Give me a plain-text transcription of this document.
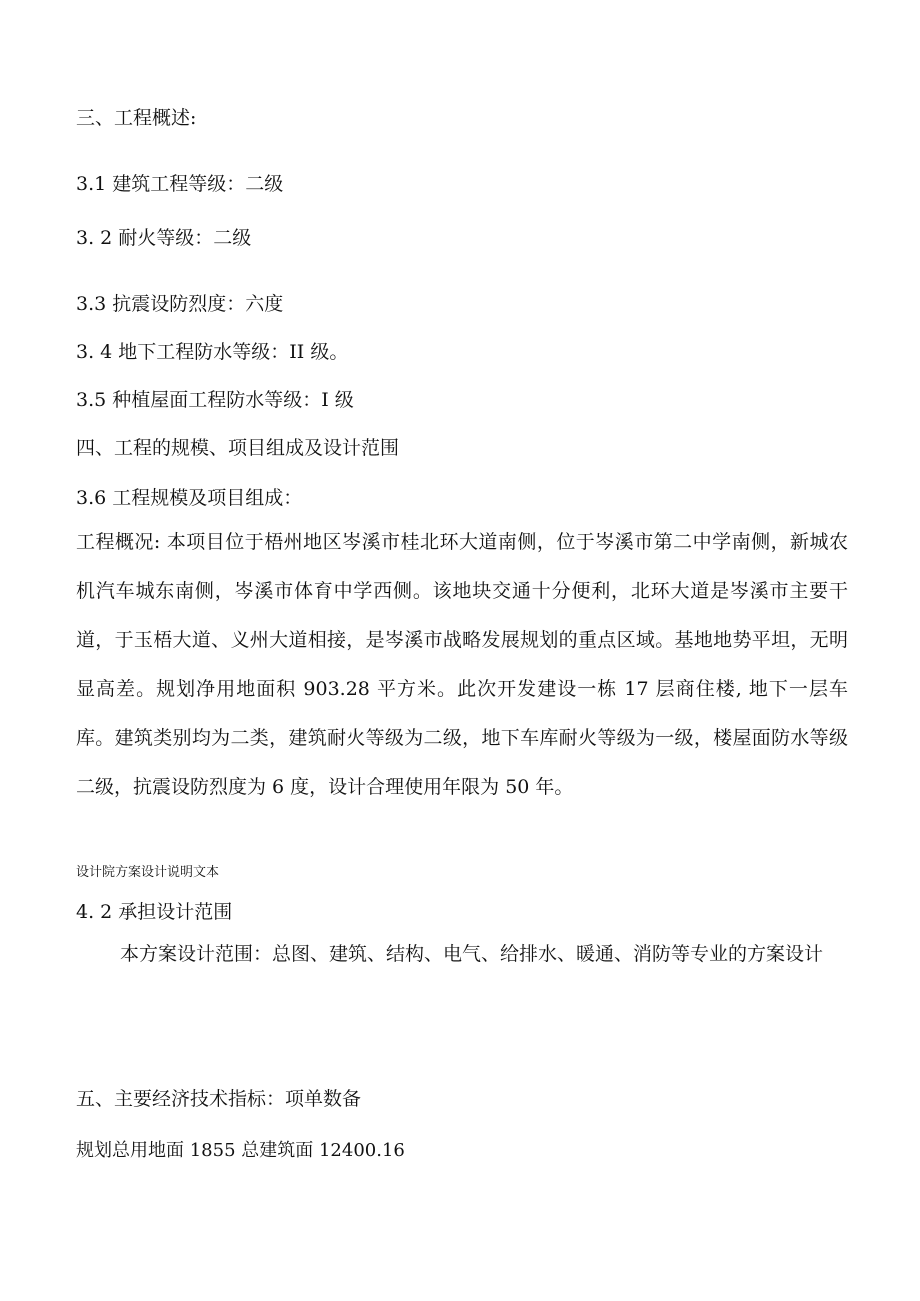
三、工程概述:
3.1 建筑工程等级：二级
3. 2 耐火等级：二级
3.3 抗震设防烈度：六度
3. 4 地下工程防水等级：II 级。
3.5 种植屋面工程防水等级：I 级
四、工程的规模、项目组成及设计范围
3.6 工程规模及项目组成：
工程概况: 本项目位于梧州地区岑溪市桂北环大道南侧，位于岑溪市第二中学南侧，新城农机汽车城东南侧，岑溪市体育中学西侧。该地块交通十分便利，北环大道是岑溪市主要干道，于玉梧大道、义州大道相接，是岑溪市战略发展规划的重点区域。基地地势平坦，无明显高差。规划净用地面积 903.28 平方米。此次开发建设一栋 17 层商住楼, 地下一层车库。建筑类别均为二类，建筑耐火等级为二级，地下车库耐火等级为一级，楼屋面防水等级二级，抗震设防烈度为 6 度，设计合理使用年限为 50 年。
设计院方案设计说明文本
4. 2 承担设计范围
本方案设计范围：总图、建筑、结构、电气、给排水、暖通、消防等专业的方案设计
五、主要经济技术指标：项单数备
规划总用地面 1855 总建筑面 12400.16
